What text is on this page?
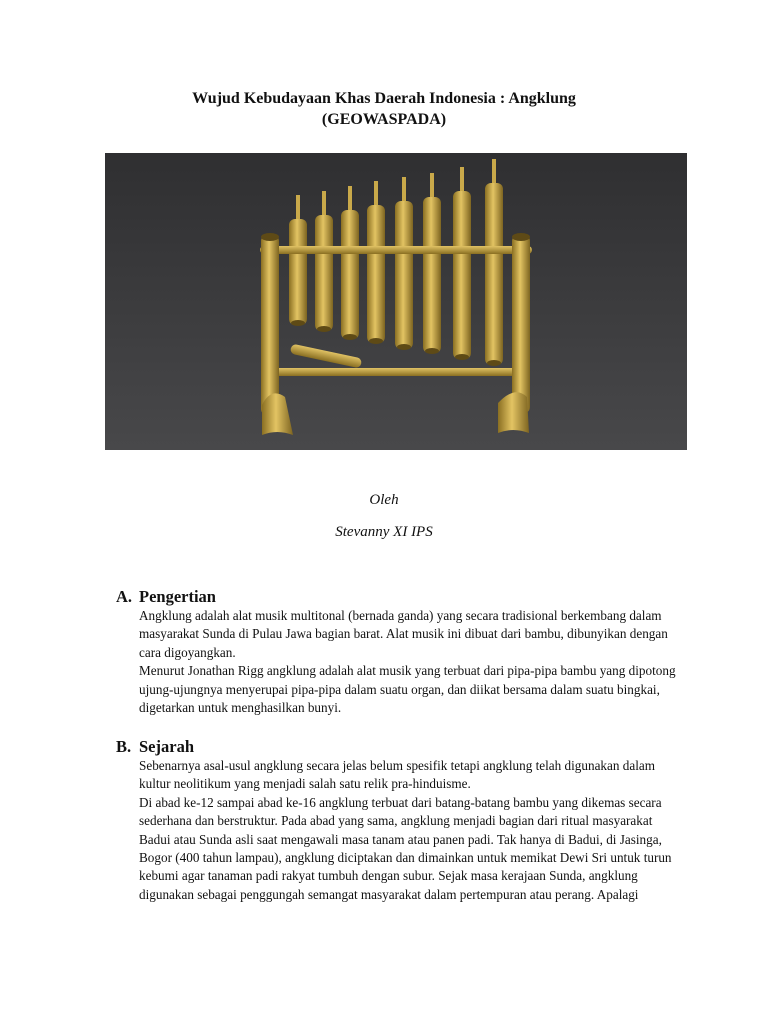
Wujud Kebudayaan Khas Daerah Indonesia : Angklung
(GEOWASPADA)
Oleh
Stevanny XI IPS
A. Pengertian

Angklung adalah alat musik multitonal (bernada ganda) yang secara tradisional berkembang dalam masyarakat Sunda di Pulau Jawa bagian barat. Alat musik ini dibuat dari bambu, dibunyikan dengan cara digoyangkan.

Menurut Jonathan Rigg angklung adalah alat musik yang terbuat dari pipa-pipa bambu yang dipotong ujung-ujungnya menyerupai pipa-pipa dalam suatu organ, dan diikat bersama dalam suatu bingkai, digetarkan untuk menghasilkan bunyi.

B. Sejarah

Sebenarnya asal-usul angklung secara jelas belum spesifik tetapi angklung telah digunakan dalam kultur neolitikum yang menjadi salah satu relik pra-hinduisme.

Di abad ke-12 sampai abad ke-16 angklung terbuat dari batang-batang bambu yang dikemas secara sederhana dan berstruktur. Pada abad yang sama, angklung menjadi bagian dari ritual masyarakat Badui atau Sunda asli saat mengawali masa tanam atau panen padi. Tak hanya di Badui, di Jasinga, Bogor (400 tahun lampau), angklung diciptakan dan dimainkan untuk memikat Dewi Sri untuk turun kebumi agar tanaman padi rakyat tumbuh dengan subur. Sejak masa kerajaan Sunda, angklung digunakan sebagai penggungah semangat masyarakat dalam pertempuran atau perang. Apalagi
